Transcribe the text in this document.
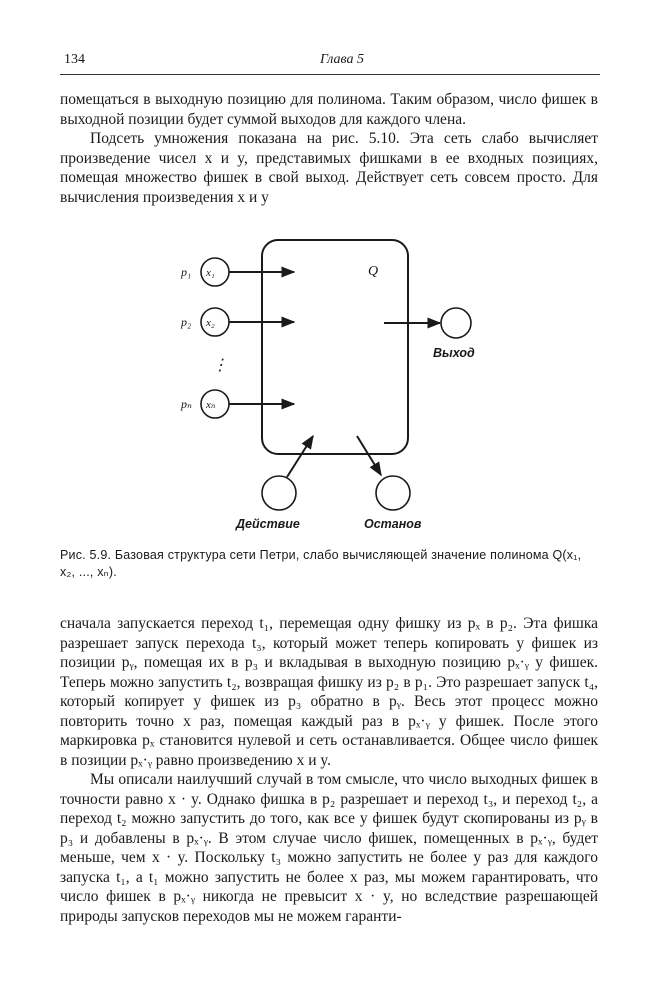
134	Глава 5

помещаться в выходную позицию для полинома. Таким образом, число фишек в выходной позиции будет суммой выходов для каждого члена.

Подсеть умножения показана на рис. 5.10. Эта сеть слабо вычисляет произведение чисел x и y, представимых фишками в ее входных позициях, помещая множество фишек в свой выход. Действует сеть совсем просто. Для вычисления произведения x и y

Q
p₁ x₁
p₂ x₂
⋮
pₙ xₙ
Выход
Действие	Останов
Рис. 5.9. Базовая структура сети Петри, слабо вычисляющей значение полинома Q(x₁, x₂, ..., xₙ).

сначала запускается переход t₁, перемещая одну фишку из pₓ в p₂. Эта фишка разрешает запуск перехода t₃, который может теперь копировать y фишек из позиции pᵧ, помещая их в p₃ и вкладывая в выходную позицию pₓ·ᵧ y фишек. Теперь можно запустить t₂, возвращая фишку из p₂ в p₁. Это разрешает запуск t₄, который копирует y фишек из p₃ обратно в pᵧ. Весь этот процесс можно повторить точно x раз, помещая каждый раз в pₓ·ᵧ y фишек. После этого маркировка pₓ становится нулевой и сеть останавливается. Общее число фишек в позиции pₓ·ᵧ равно произведению x и y.

Мы описали наилучший случай в том смысле, что число выходных фишек в точности равно x · y. Однако фишка в p₂ разрешает и переход t₃, и переход t₂, а переход t₂ можно запустить до того, как все y фишек будут скопированы из pᵧ в p₃ и добавлены в pₓ·ᵧ. В этом случае число фишек, помещенных в pₓ·ᵧ, будет меньше, чем x · y. Поскольку t₃ можно запустить не более y раз для каждого запуска t₁, а t₁ можно запустить не более x раз, мы можем гарантировать, что число фишек в pₓ·ᵧ никогда не превысит x · y, но вследствие разрешающей природы запусков переходов мы не можем гаранти-
